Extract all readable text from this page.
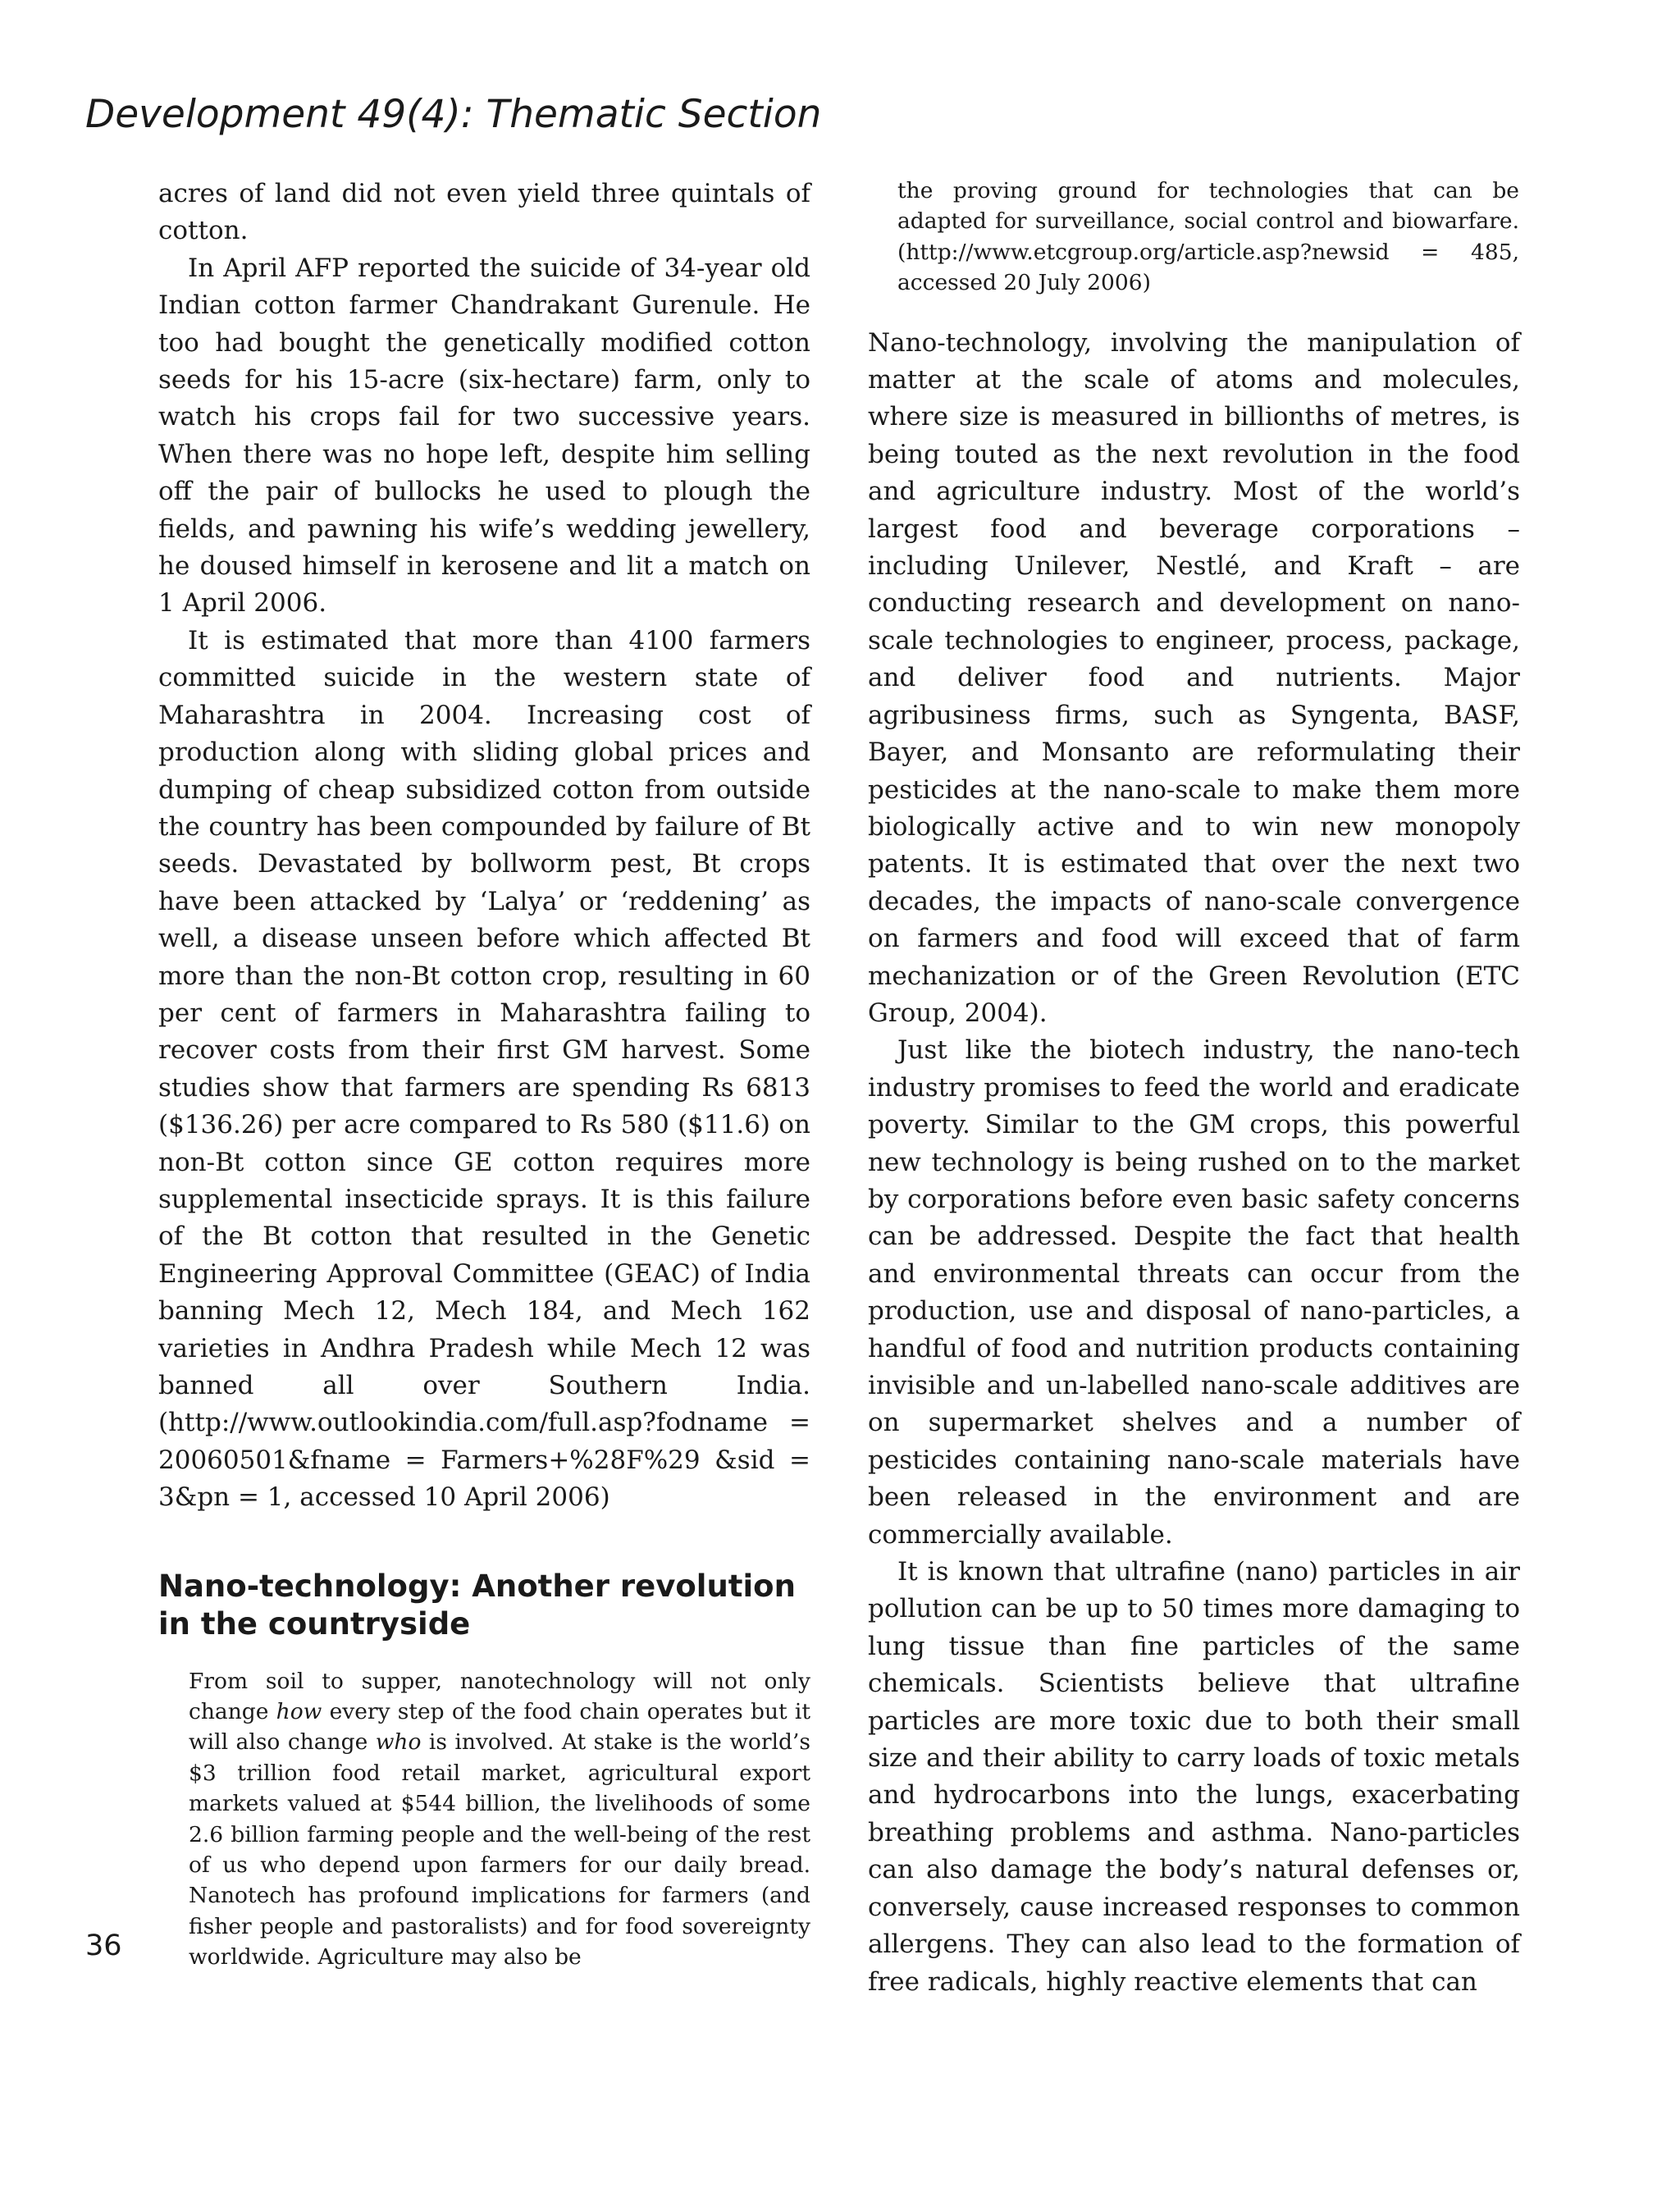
Development 49(4): Thematic Section

acres of land did not even yield three quintals of cotton.

In April AFP reported the suicide of 34-year old Indian cotton farmer Chandrakant Gurenule. He too had bought the genetically modified cotton seeds for his 15-acre (six-hectare) farm, only to watch his crops fail for two successive years. When there was no hope left, despite him selling off the pair of bullocks he used to plough the fields, and pawning his wife’s wedding jewellery, he doused himself in kerosene and lit a match on 1 April 2006.

It is estimated that more than 4100 farmers committed suicide in the western state of Maharashtra in 2004. Increasing cost of production along with sliding global prices and dumping of cheap subsidized cotton from outside the country has been compounded by failure of Bt seeds. Devastated by bollworm pest, Bt crops have been attacked by ‘Lalya’ or ‘reddening’ as well, a disease unseen before which affected Bt more than the non-Bt cotton crop, resulting in 60 per cent of farmers in Maharashtra failing to recover costs from their first GM harvest. Some studies show that farmers are spending Rs 6813 ($136.26) per acre compared to Rs 580 ($11.6) on non-Bt cotton since GE cotton requires more supplemental insecticide sprays. It is this failure of the Bt cotton that resulted in the Genetic Engineering Approval Committee (GEAC) of India banning Mech 12, Mech 184, and Mech 162 varieties in Andhra Pradesh while Mech 12 was banned all over Southern India. (http://www.outlookindia.com/full.asp?fodname = 20060501&fname = Farmers+%28F%29 &sid = 3&pn = 1, accessed 10 April 2006)

Nano-technology: Another revolution in the countryside

From soil to supper, nanotechnology will not only change how every step of the food chain operates but it will also change who is involved. At stake is the world’s $3 trillion food retail market, agricultural export markets valued at $544 billion, the livelihoods of some 2.6 billion farming people and the well-being of the rest of us who depend upon farmers for our daily bread. Nanotech has profound implications for farmers (and fisher people and pastoralists) and for food sovereignty worldwide. Agriculture may also be

the proving ground for technologies that can be adapted for surveillance, social control and biowarfare. (http://www.etcgroup.org/article.asp?newsid = 485, accessed 20 July 2006)

Nano-technology, involving the manipulation of matter at the scale of atoms and molecules, where size is measured in billionths of metres, is being touted as the next revolution in the food and agriculture industry. Most of the world’s largest food and beverage corporations – including Unilever, Nestlé, and Kraft – are conducting research and development on nano-scale technologies to engineer, process, package, and deliver food and nutrients. Major agribusiness firms, such as Syngenta, BASF, Bayer, and Monsanto are reformulating their pesticides at the nano-scale to make them more biologically active and to win new monopoly patents. It is estimated that over the next two decades, the impacts of nano-scale convergence on farmers and food will exceed that of farm mechanization or of the Green Revolution (ETC Group, 2004).

Just like the biotech industry, the nano-tech industry promises to feed the world and eradicate poverty. Similar to the GM crops, this powerful new technology is being rushed on to the market by corporations before even basic safety concerns can be addressed. Despite the fact that health and environmental threats can occur from the production, use and disposal of nano-particles, a handful of food and nutrition products containing invisible and un-labelled nano-scale additives are on supermarket shelves and a number of pesticides containing nano-scale materials have been released in the environment and are commercially available.

It is known that ultrafine (nano) particles in air pollution can be up to 50 times more damaging to lung tissue than fine particles of the same chemicals. Scientists believe that ultrafine particles are more toxic due to both their small size and their ability to carry loads of toxic metals and hydrocarbons into the lungs, exacerbating breathing problems and asthma. Nano-particles can also damage the body’s natural defenses or, conversely, cause increased responses to common allergens. They can also lead to the formation of free radicals, highly reactive elements that can

36
